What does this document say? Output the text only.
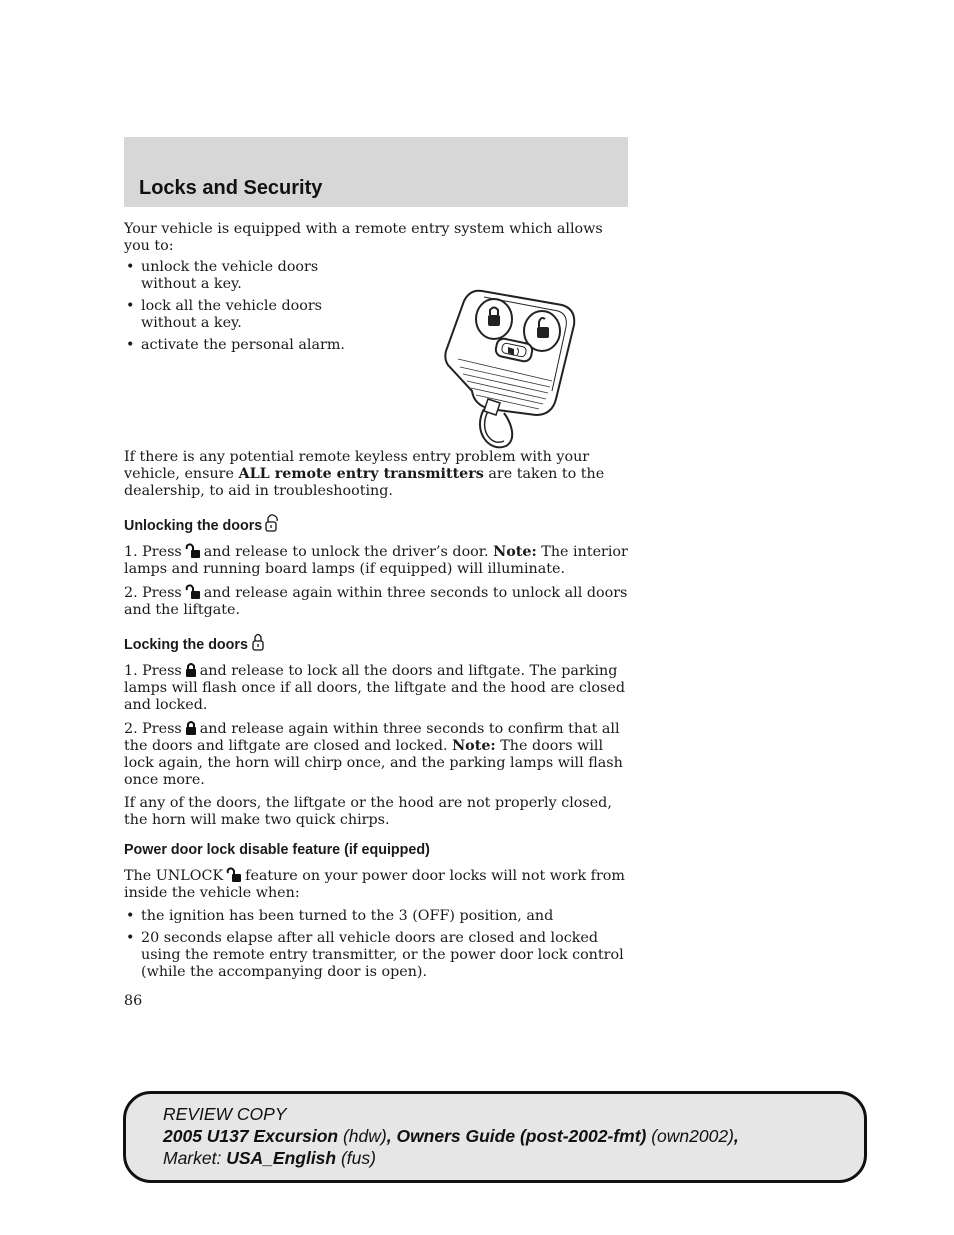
Locks and Security

Your vehicle is equipped with a remote entry system which allows you to:

• unlock the vehicle doors without a key.
• lock all the vehicle doors without a key.
• activate the personal alarm.

If there is any potential remote keyless entry problem with your vehicle, ensure ALL remote entry transmitters are taken to the dealership, to aid in troubleshooting.

Unlocking the doors

1. Press and release to unlock the driver’s door. Note: The interior lamps and running board lamps (if equipped) will illuminate.

2. Press and release again within three seconds to unlock all doors and the liftgate.

Locking the doors

1. Press and release to lock all the doors and liftgate. The parking lamps will flash once if all doors, the liftgate and the hood are closed and locked.

2. Press and release again within three seconds to confirm that all the doors and liftgate are closed and locked. Note: The doors will lock again, the horn will chirp once, and the parking lamps will flash once more.

If any of the doors, the liftgate or the hood are not properly closed, the horn will make two quick chirps.

Power door lock disable feature (if equipped)

The UNLOCK feature on your power door locks will not work from inside the vehicle when:

• the ignition has been turned to the 3 (OFF) position, and
• 20 seconds elapse after all vehicle doors are closed and locked using the remote entry transmitter, or the power door lock control (while the accompanying door is open).
86
REVIEW COPY
2005 U137 Excursion (hdw), Owners Guide (post-2002-fmt) (own2002),
Market: USA_English (fus)
